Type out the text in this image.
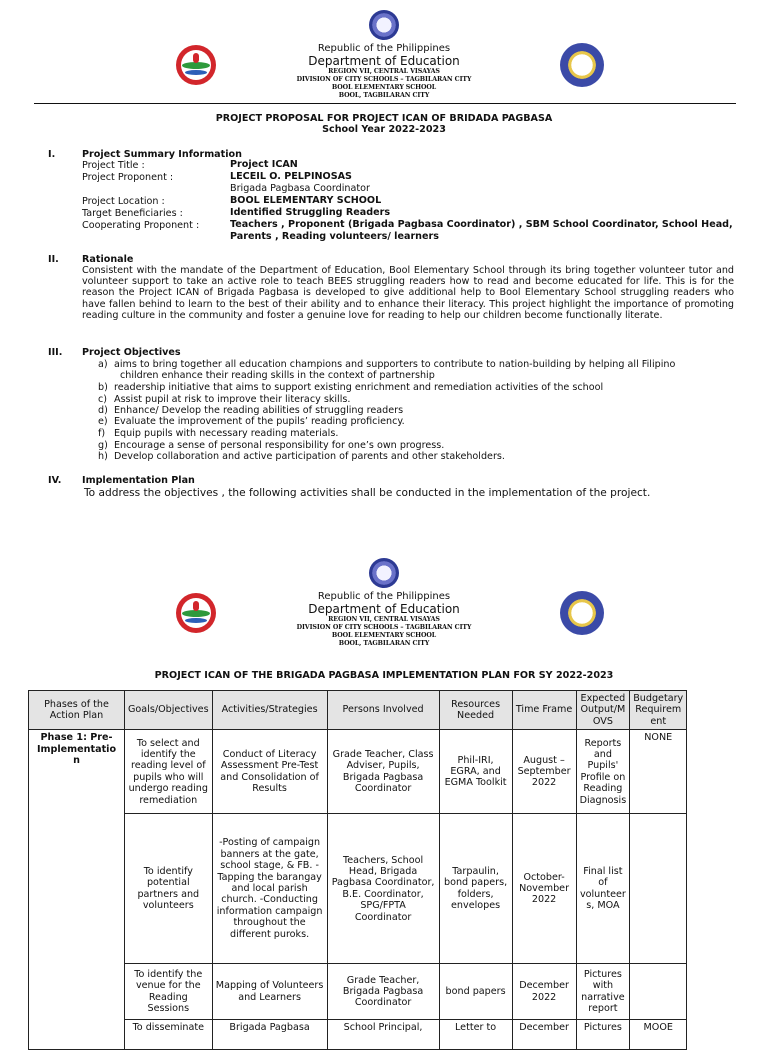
Republic of the Philippines
Department of Education
REGION VII, CENTRAL VISAYAS
DIVISION OF CITY SCHOOLS – TAGBILARAN CITY
BOOL ELEMENTARY SCHOOL
BOOL, TAGBILARAN CITY
PROJECT PROPOSAL FOR PROJECT ICAN OF BRIDADA PAGBASA
School Year 2022-2023
I.	Project Summary Information
Project Title :	Project ICAN
Project Proponent :	LECEIL O. PELPINOSAS
Brigada Pagbasa Coordinator
Project Location :	BOOL ELEMENTARY SCHOOL
Target Beneficiaries :	Identified Struggling Readers
Cooperating Proponent :	Teachers , Proponent (Brigada Pagbasa Coordinator) , SBM School Coordinator, School Head, Parents , Reading volunteers/ learners
II. Rationale
Consistent with the mandate of the Department of Education, Bool Elementary School through its bring together volunteer tutor and volunteer support to take an active role to teach BEES struggling readers how to read and become educated for life. This is for the reason the Project ICAN of Brigada Pagbasa is developed to give additional help to Bool Elementary School struggling readers who have fallen behind to learn to the best of their ability and to enhance their literacy. This project highlight the importance of promoting reading culture in the community and foster a genuine love for reading to help our children become functionally literate.
III. Project Objectives
a) aims to bring together all education champions and supporters to contribute to nation-building by helping all Filipino
children enhance their reading skills in the context of partnership
b) readership initiative that aims to support existing enrichment and remediation activities of the school
c) Assist pupil at risk to improve their literacy skills.
d) Enhance/ Develop the reading abilities of struggling readers
e) Evaluate the improvement of the pupils’ reading proficiency.
f) Equip pupils with necessary reading materials.
g) Encourage a sense of personal responsibility for one’s own progress.
h) Develop collaboration and active participation of parents and other stakeholders.
IV. Implementation Plan
To address the objectives , the following activities shall be conducted in the implementation of the project.
Republic of the Philippines
Department of Education
REGION VII, CENTRAL VISAYAS
DIVISION OF CITY SCHOOLS – TAGBILARAN CITY
BOOL ELEMENTARY SCHOOL
BOOL, TAGBILARAN CITY
PROJECT ICAN OF THE BRIGADA PAGBASA IMPLEMENTATION PLAN FOR SY 2022-2023
Phases of the Action Plan	Goals/Objectives	Activities/Strategies	Persons Involved	Resources Needed	Time Frame	Expected Output/M OVS	Budgetary Requirem ent
Phase 1: Pre-Implementatio n	To select and identify the reading level of pupils who will undergo reading remediation	Conduct of Literacy Assessment Pre-Test and Consolidation of Results	Grade Teacher, Class Adviser, Pupils, Brigada Pagbasa Coordinator	Phil-IRI, EGRA, and EGMA Toolkit	August – September 2022	Reports and Pupils' Profile on Reading Diagnosis	NONE
	To identify potential partners and volunteers	-Posting of campaign banners at the gate, school stage, & FB. -Tapping the barangay and local parish church. -Conducting information campaign throughout the different puroks.	Teachers, School Head, Brigada Pagbasa Coordinator, B.E. Coordinator, SPG/FPTA Coordinator	Tarpaulin, bond papers, folders, envelopes	October-November 2022	Final list of volunteer s, MOA	
	To identify the venue for the Reading Sessions	Mapping of Volunteers and Learners	Grade Teacher, Brigada Pagbasa Coordinator	bond papers	December 2022	Pictures with narrative report	
	To disseminate	Brigada Pagbasa	School Principal,	Letter to	December	Pictures	MOOE
